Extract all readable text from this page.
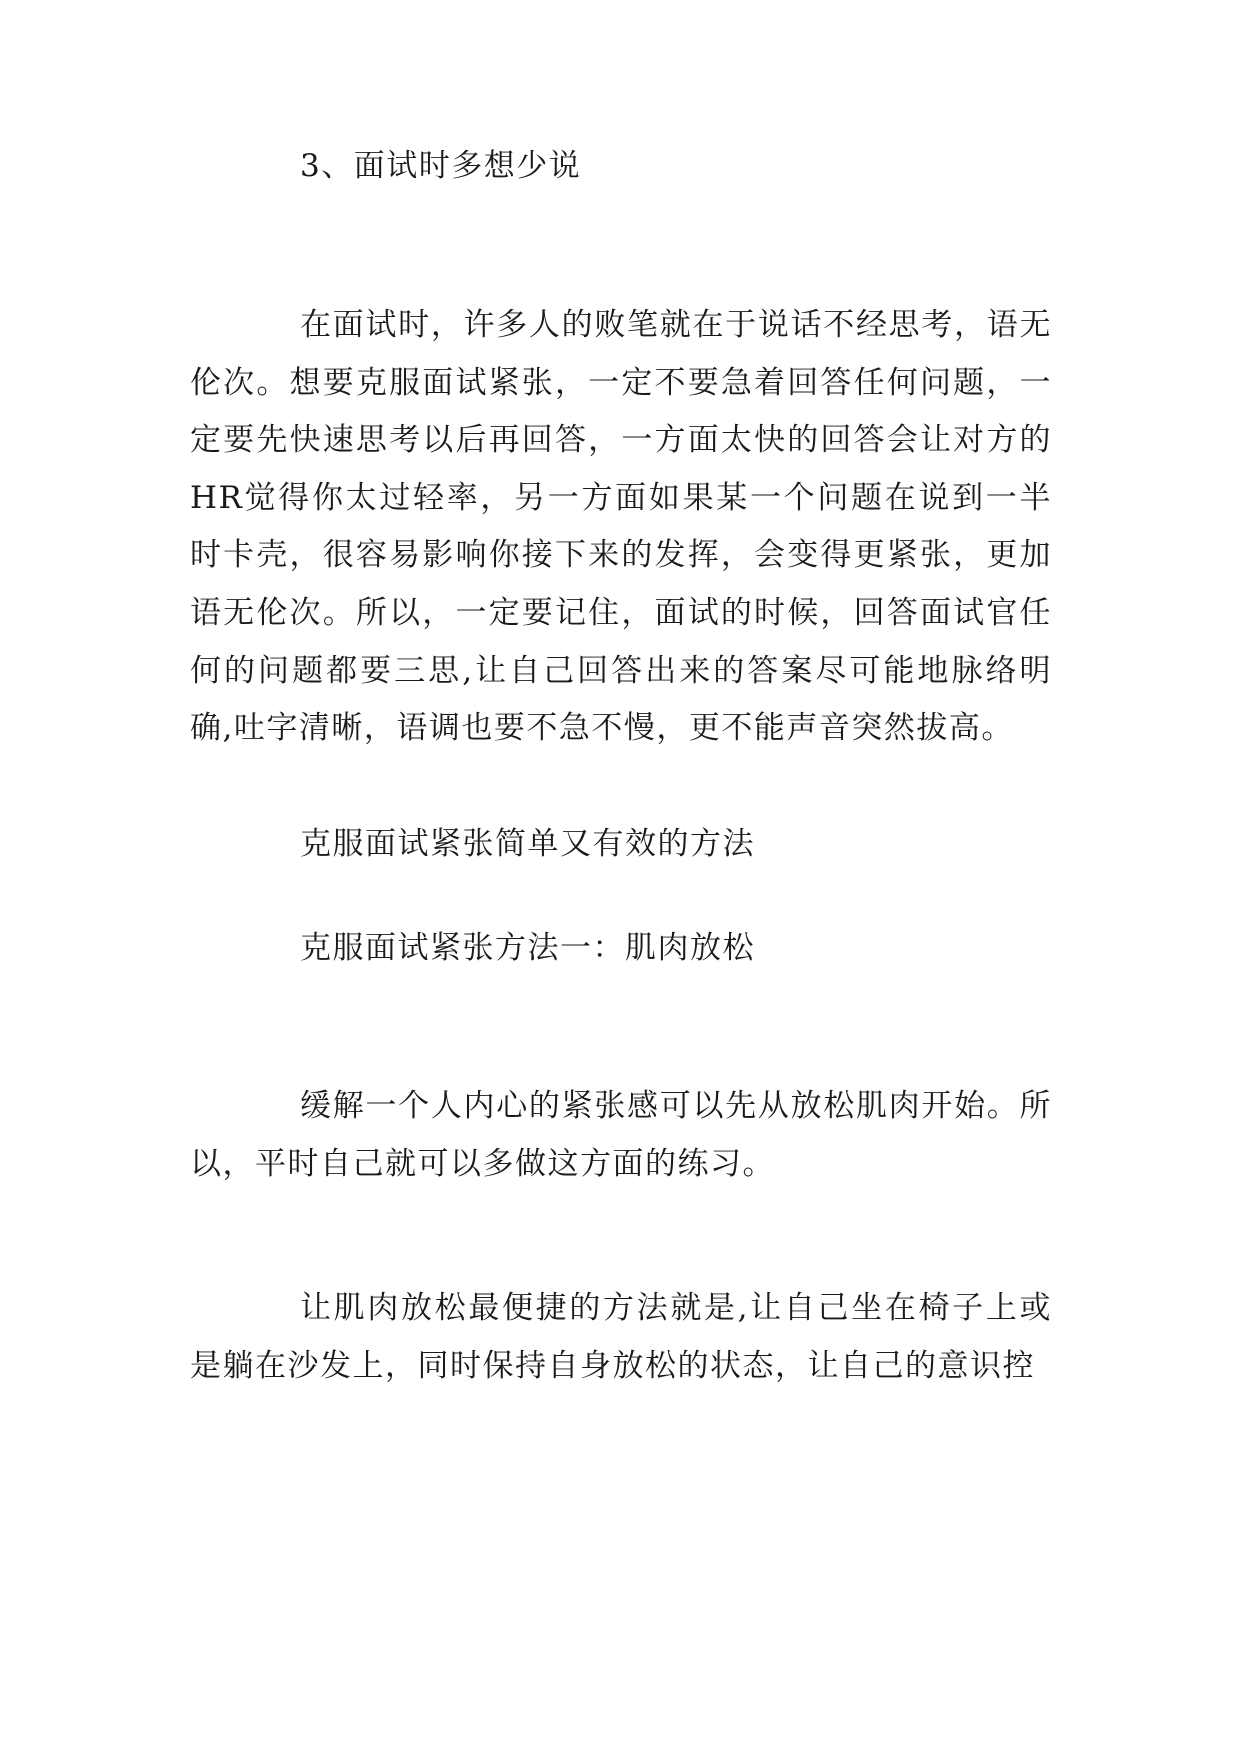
3、面试时多想少说

在面试时，许多人的败笔就在于说话不经思考，语无伦次。想要克服面试紧张，一定不要急着回答任何问题，一定要先快速思考以后再回答，一方面太快的回答会让对方的HR觉得你太过轻率，另一方面如果某一个问题在说到一半时卡壳，很容易影响你接下来的发挥，会变得更紧张，更加语无伦次。所以，一定要记住，面试的时候，回答面试官任何的问题都要三思,让自己回答出来的答案尽可能地脉络明确,吐字清晰，语调也要不急不慢，更不能声音突然拔高。

克服面试紧张简单又有效的方法

克服面试紧张方法一：肌肉放松

缓解一个人内心的紧张感可以先从放松肌肉开始。所以，平时自己就可以多做这方面的练习。

让肌肉放松最便捷的方法就是,让自己坐在椅子上或是躺在沙发上，同时保持自身放松的状态，让自己的意识控
